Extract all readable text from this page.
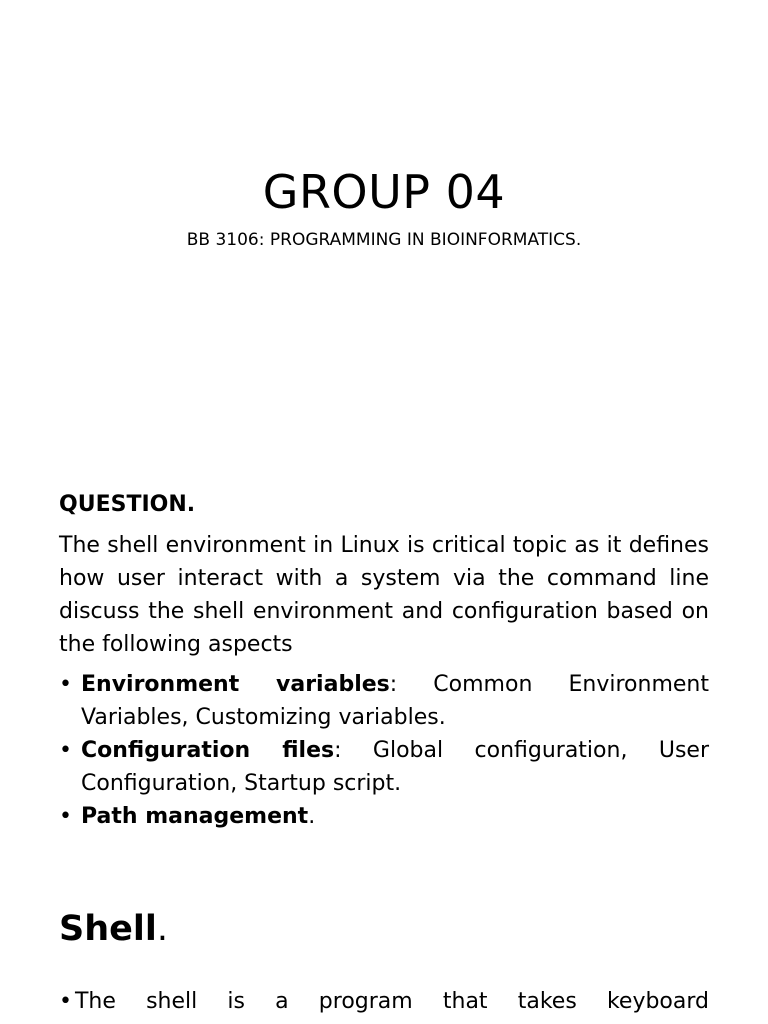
GROUP 04

BB 3106: PROGRAMMING IN BIOINFORMATICS.

QUESTION.

The shell environment in Linux is critical topic as it defines how user interact with a system via the command line discuss the shell environment and configuration based on the following aspects

• Environment variables: Common Environment Variables, Customizing variables.
• Configuration files: Global configuration, User Configuration, Startup script.
• Path management.
Shell.

• The shell is a program that takes keyboard
